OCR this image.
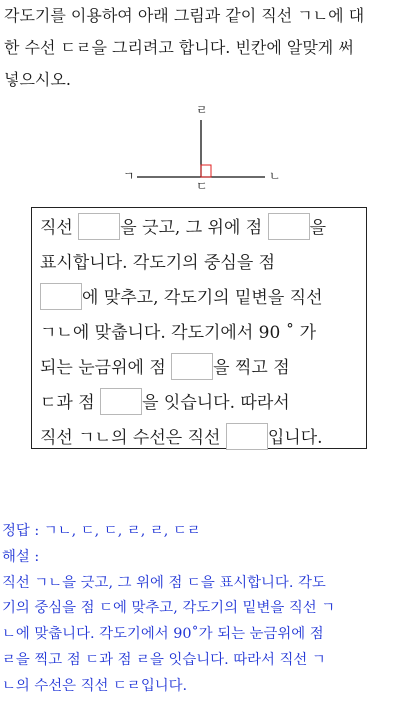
각도기를 이용하여 아래 그림과 같이 직선 ㄱㄴ에 대
한 수선 ㄷㄹ을 그리려고 합니다. 빈칸에 알맞게 써
넣으시오.
ㄹ
ㄱ	ㄴ
ㄷ
직선 을 긋고, 그 위에 점 을
표시합니다. 각도기의 중심을 점
에 맞추고, 각도기의 밑변을 직선
ㄱㄴ에 맞춥니다. 각도기에서 90 ˚ 가
되는 눈금위에 점 을 찍고 점
ㄷ과 점 을 잇습니다. 따라서
직선 ㄱㄴ의 수선은 직선 입니다.

정답 : ㄱㄴ, ㄷ, ㄷ, ㄹ, ㄹ, ㄷㄹ

해설 :

직선 ㄱㄴ을 긋고, 그 위에 점 ㄷ을 표시합니다. 각도

기의 중심을 점 ㄷ에 맞추고, 각도기의 밑변을 직선 ㄱ

ㄴ에 맞춥니다. 각도기에서 90˚가 되는 눈금위에 점

ㄹ을 찍고 점 ㄷ과 점 ㄹ을 잇습니다. 따라서 직선 ㄱ

ㄴ의 수선은 직선 ㄷㄹ입니다.
